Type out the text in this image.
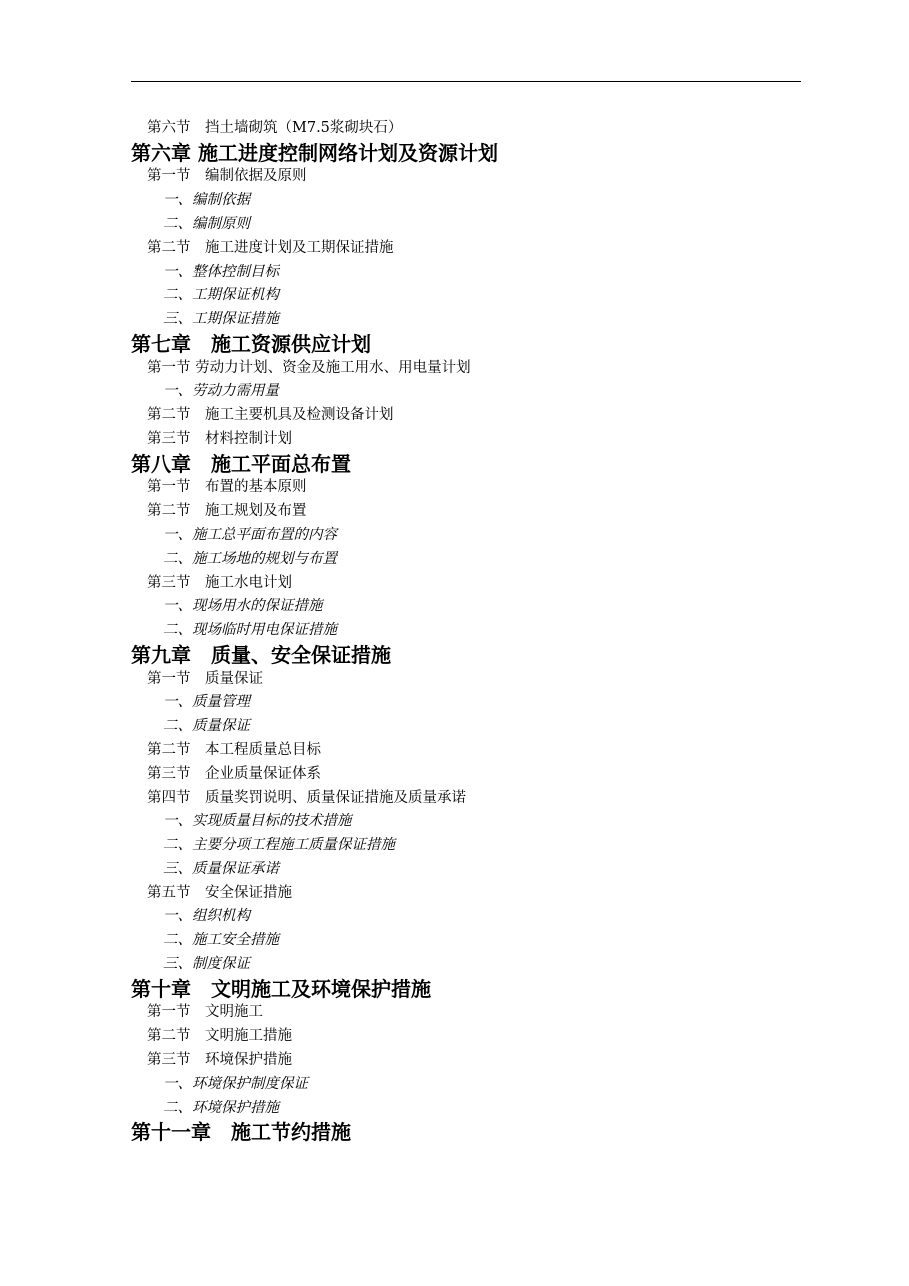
第六节　挡土墙砌筑（M7.5浆砌块石）
第六章 施工进度控制网络计划及资源计划
第一节　编制依据及原则
一、编制依据
二、编制原则
第二节　施工进度计划及工期保证措施
一、整体控制目标
二、工期保证机构
三、工期保证措施
第七章　施工资源供应计划
第一节 劳动力计划、资金及施工用水、用电量计划
一、劳动力需用量
第二节　施工主要机具及检测设备计划
第三节　材料控制计划
第八章　施工平面总布置
第一节　布置的基本原则
第二节　施工规划及布置
一、施工总平面布置的内容
二、施工场地的规划与布置
第三节　施工水电计划
一、现场用水的保证措施
二、现场临时用电保证措施
第九章　质量、安全保证措施
第一节　质量保证
一、质量管理
二、质量保证
第二节　本工程质量总目标
第三节　企业质量保证体系
第四节　质量奖罚说明、质量保证措施及质量承诺
一、实现质量目标的技术措施
二、主要分项工程施工质量保证措施
三、质量保证承诺
第五节　安全保证措施
一、组织机构
二、施工安全措施
三、制度保证
第十章　文明施工及环境保护措施
第一节　文明施工
第二节　文明施工措施
第三节　环境保护措施
一、环境保护制度保证
二、环境保护措施
第十一章　施工节约措施
